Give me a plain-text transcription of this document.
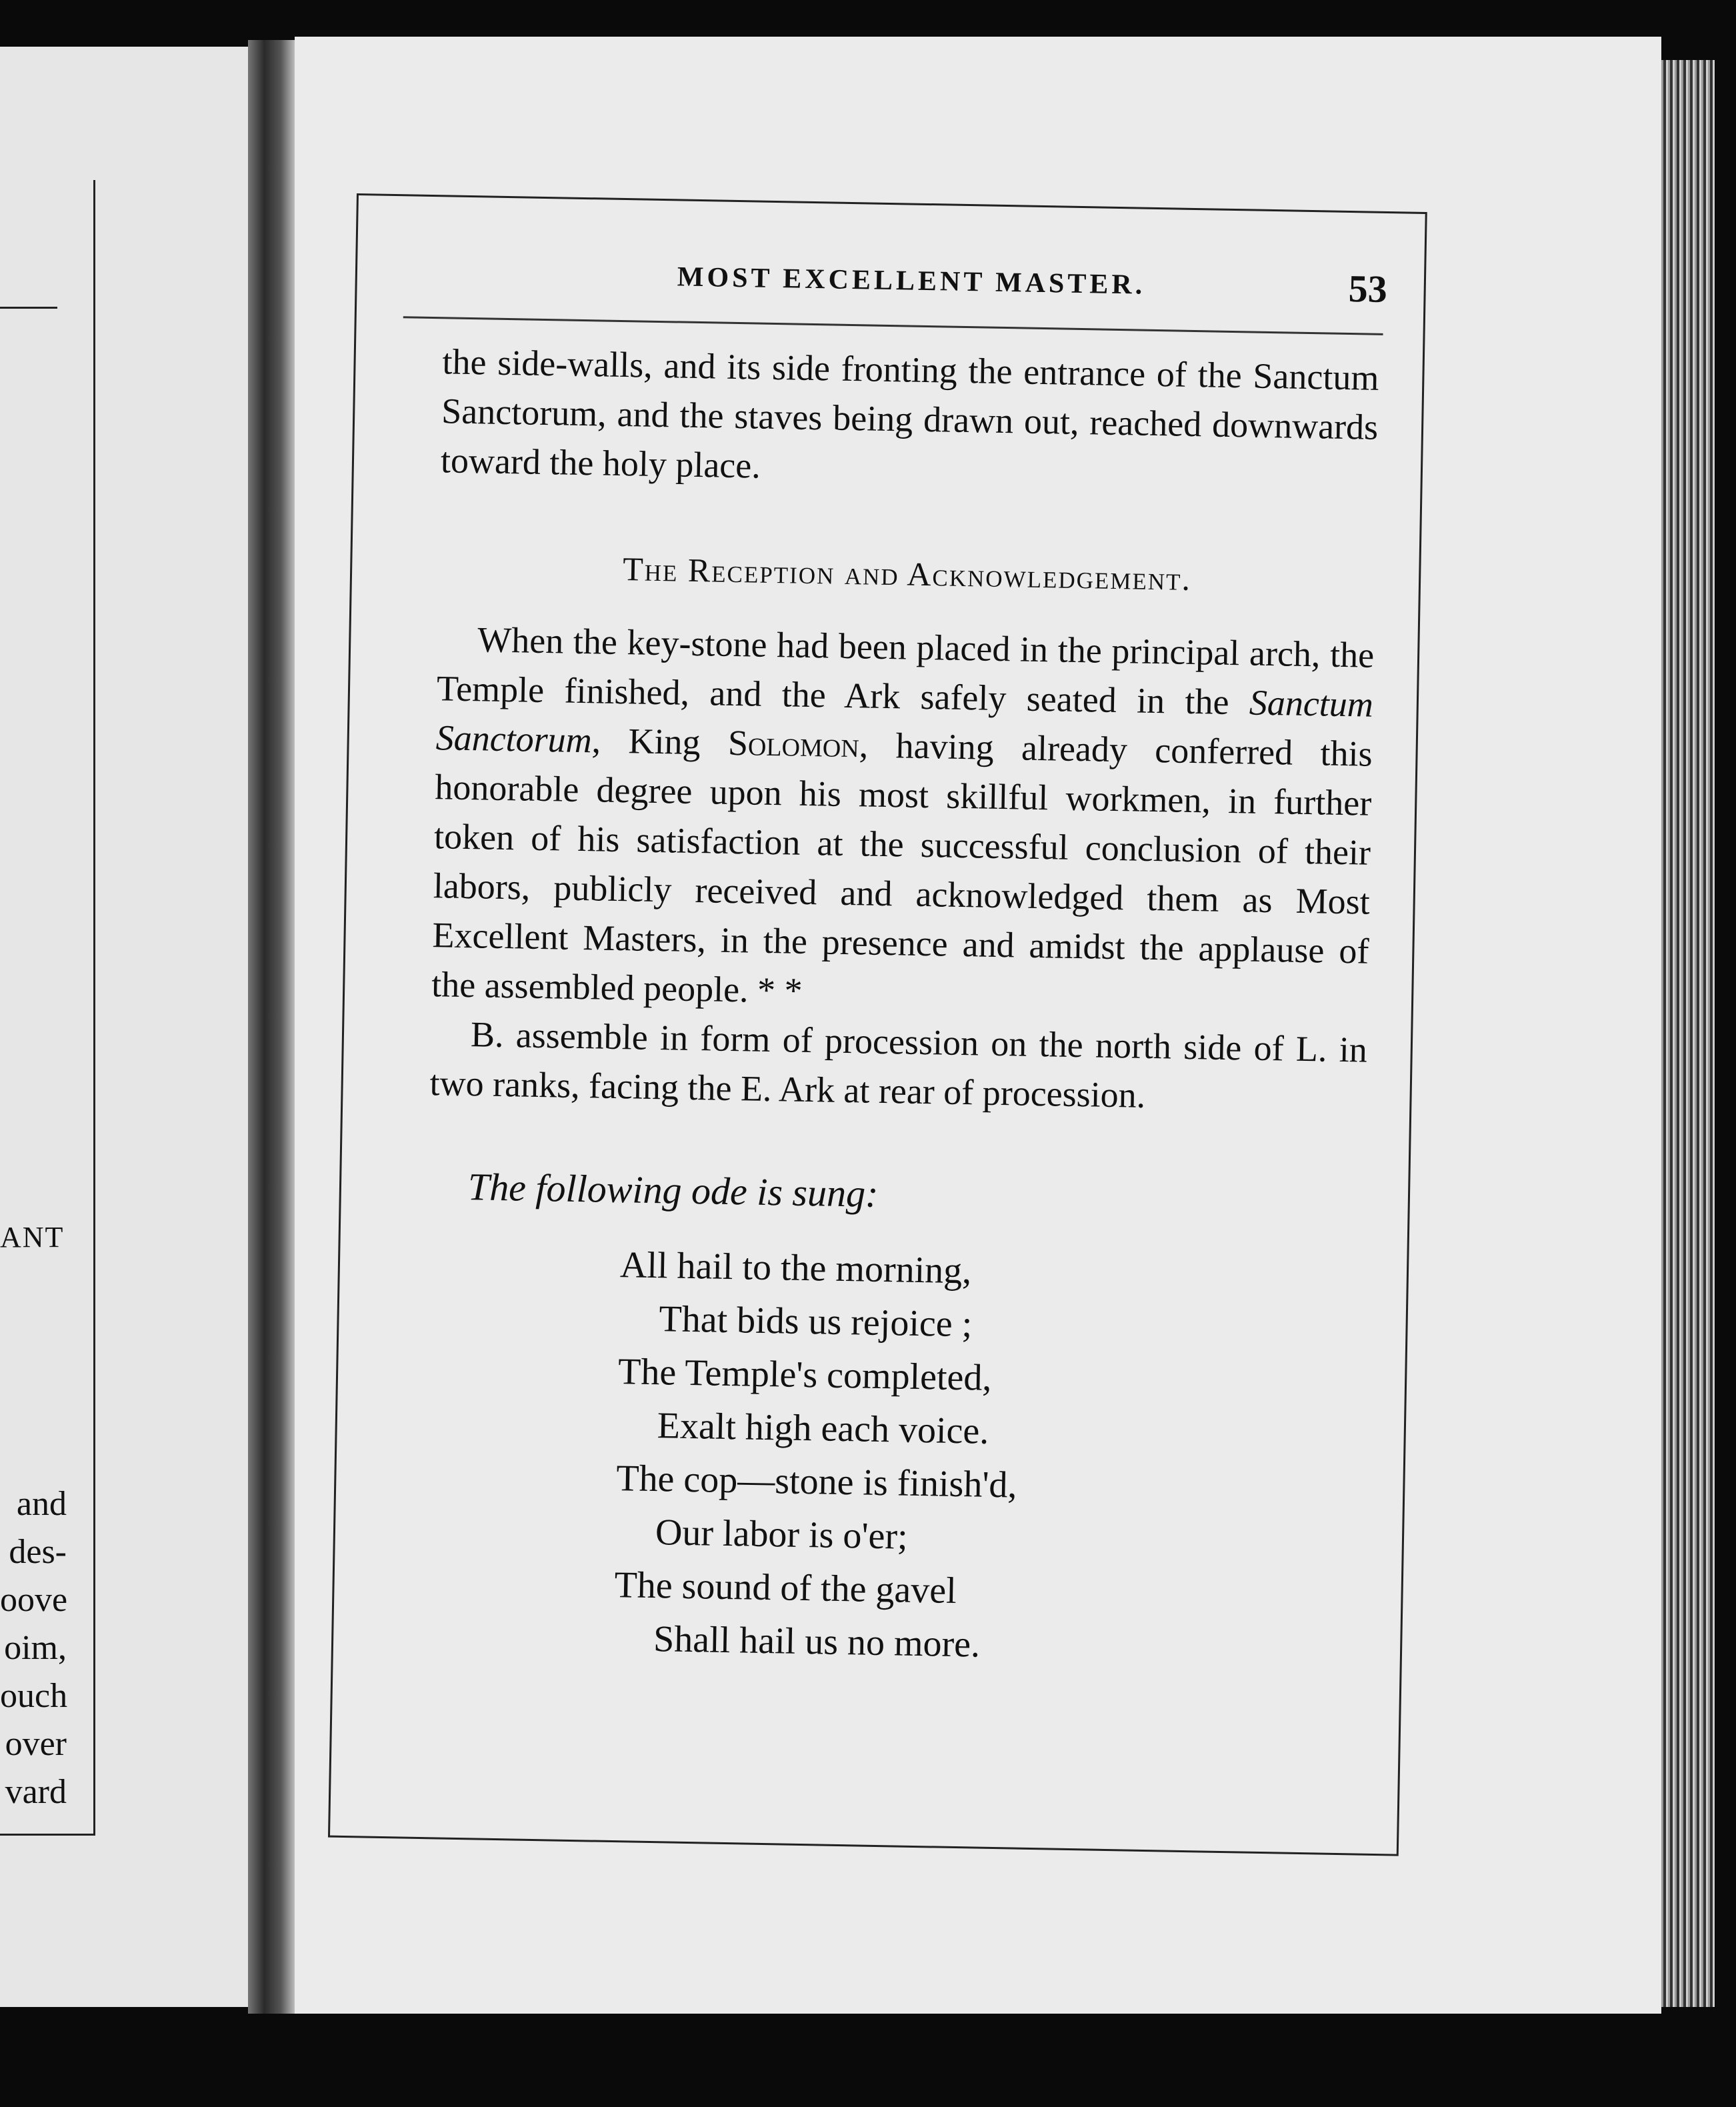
ANT
and
des-
oove
oim,
ouch
over
vard
MOST EXCELLENT MASTER.	53

the side-walls, and its side fronting the entrance of the Sanctum Sanctorum, and the staves being drawn out, reached downwards toward the holy place.

The Reception and Acknowledgement.

When the key-stone had been placed in the principal arch, the Temple finished, and the Ark safely seated in the Sanctum Sanctorum, King Solomon, having already conferred this honorable degree upon his most skillful workmen, in further token of his satisfaction at the successful conclusion of their labors, publicly received and acknowledged them as Most Excellent Masters, in the presence and amidst the applause of the assembled people. * *

B. assemble in form of procession on the north side of L. in two ranks, facing the E. Ark at rear of procession.

The following ode is sung:
All hail to the morning,
That bids us rejoice ;
The Temple's completed,
Exalt high each voice.
The cop—stone is finish'd,
Our labor is o'er;
The sound of the gavel
Shall hail us no more.
